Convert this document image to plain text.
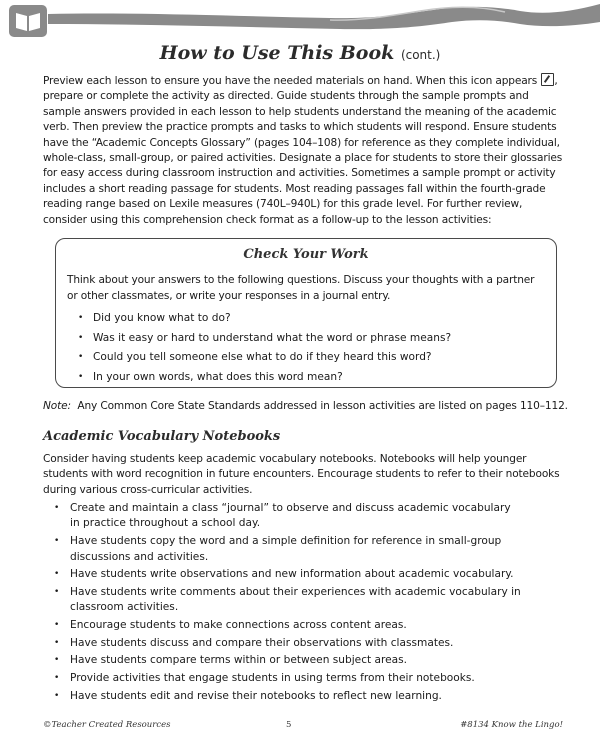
How to Use This Book (cont.)

Preview each lesson to ensure you have the needed materials on hand. When this icon appears , prepare or complete the activity as directed. Guide students through the sample prompts and sample answers provided in each lesson to help students understand the meaning of the academic verb. Then preview the practice prompts and tasks to which students will respond. Ensure students have the “Academic Concepts Glossary” (pages 104–108) for reference as they complete individual, whole-class, small-group, or paired activities. Designate a place for students to store their glossaries for easy access during classroom instruction and activities. Sometimes a sample prompt or activity includes a short reading passage for students. Most reading passages fall within the fourth-grade reading range based on Lexile measures (740L–940L) for this grade level. For further review, consider using this comprehension check format as a follow-up to the lesson activities:

Check Your Work

Think about your answers to the following questions. Discuss your thoughts with a partner or other classmates, or write your responses in a journal entry.

• Did you know what to do?
• Was it easy or hard to understand what the word or phrase means?
• Could you tell someone else what to do if they heard this word?
• In your own words, what does this word mean?

Note: Any Common Core State Standards addressed in lesson activities are listed on pages 110–112.

Academic Vocabulary Notebooks

Consider having students keep academic vocabulary notebooks. Notebooks will help younger students with word recognition in future encounters. Encourage students to refer to their notebooks during various cross-curricular activities.

• Create and maintain a class “journal” to observe and discuss academic vocabulary in practice throughout a school day.
• Have students copy the word and a simple definition for reference in small-group discussions and activities.
• Have students write observations and new information about academic vocabulary.
• Have students write comments about their experiences with academic vocabulary in classroom activities.
• Encourage students to make connections across content areas.
• Have students discuss and compare their observations with classmates.
• Have students compare terms within or between subject areas.
• Provide activities that engage students in using terms from their notebooks.
• Have students edit and revise their notebooks to reflect new learning.
©Teacher Created Resources	5	#8134 Know the Lingo!
